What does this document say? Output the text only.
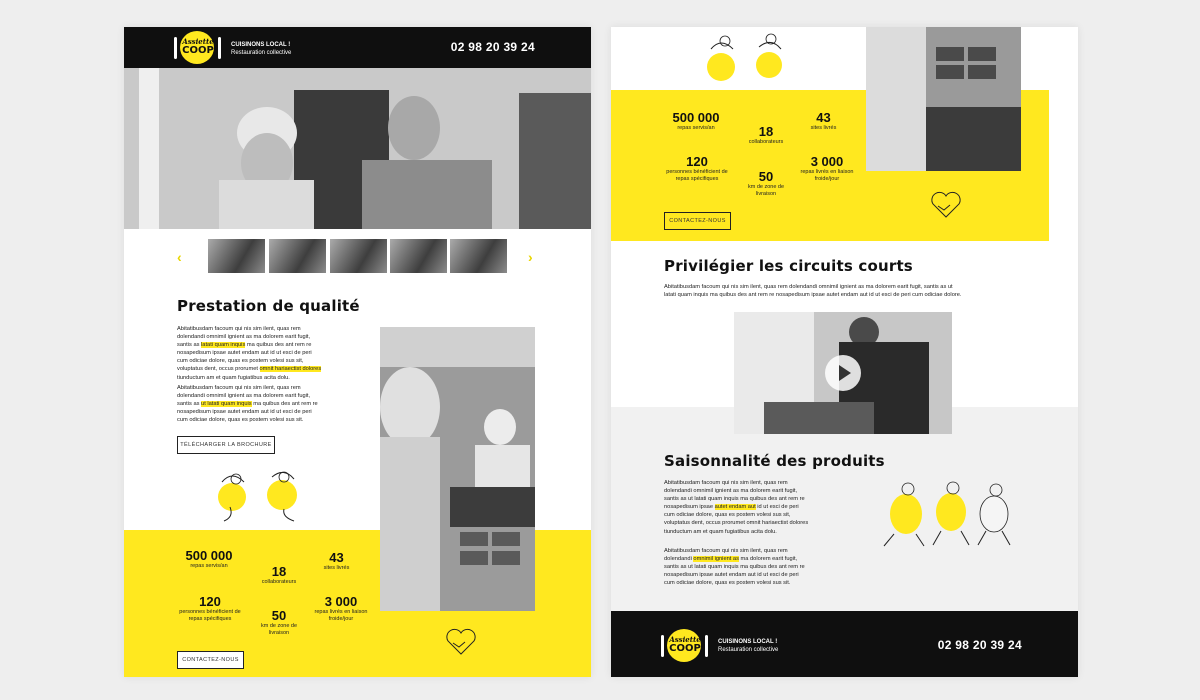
Assiette
COOP	CUISINONS LOCAL !
Restauration collective	02 98 20 39 24
‹	›
Prestation de qualité
Abitatibusdam facoum qui nis sim ilent, quas rem
dolendandi omnimil ignient as ma dolorem earit fugit,
santis as latati quam inquis ma quibus des ant rem re
nosapedisum ipsae autet endam aut id ut esci de peri
cum odiciae dolore, quas es postem volesi sus sit,
voluptatus dent, occus prorumet omnit hariaectist dolores
tiunductum am et quam fugiatibus acita dolu.
Abitatibusdam facoum qui nis sim ilent, quas rem
dolendandi omnimil ignient as ma dolorem earit fugit,
santis as ut latati quam inquis ma quibus des ant rem re
nosapedisum ipsae autet endam aut id ut esci de peri
cum odiciae dolore, quas es postem volesi sus sit.
TÉLÉCHARGER LA BROCHURE
500 000
repas servis/an	18
collaborateurs
43
sites livrés
120
personnes bénéficient de repas spécifiques	50
km de zone de livraison
3 000
repas livrés en liaison froide/jour
CONTACTEZ-NOUS
500 000
repas servis/an	18
collaborateurs
43
sites livrés
120
personnes bénéficient de repas spécifiques	50
km de zone de livraison
3 000
repas livrés en liaison froide/jour
CONTACTEZ-NOUS
Privilégier les circuits courts
Abitatibusdam facoum qui nis sim ilent, quas rem dolendandi omnimil ignient as ma dolorem earit fugit, santis as ut
latati quam inquis ma quibus des ant rem re nosapedisum ipsae autet endam aut id ut esci de peri cum odiciae dolore.
Saisonnalité des produits
Abitatibusdam facoum qui nis sim ilent, quas rem
dolendandi omnimil ignient as ma dolorem earit fugit,
santis as ut latati quam inquis ma quibus des ant rem re
nosapedisum ipsae autet endam aut id ut esci de peri
cum odiciae dolore, quas es postem volesi sus sit,
voluptatus dent, occus prorumet omnit hariaectist dolores
tiunductum am et quam fugiatibus acita dolu.
Abitatibusdam facoum qui nis sim ilent, quas rem
dolendandi omnimil ignient as ma dolorem earit fugit,
santis as ut latati quam inquis ma quibus des ant rem re
nosapedisum ipsae autet endam aut id ut esci de peri
cum odiciae dolore, quas es postem volesi sus sit.
Assiette
COOP
CUISINONS LOCAL !
Restauration collective	02 98 20 39 24
